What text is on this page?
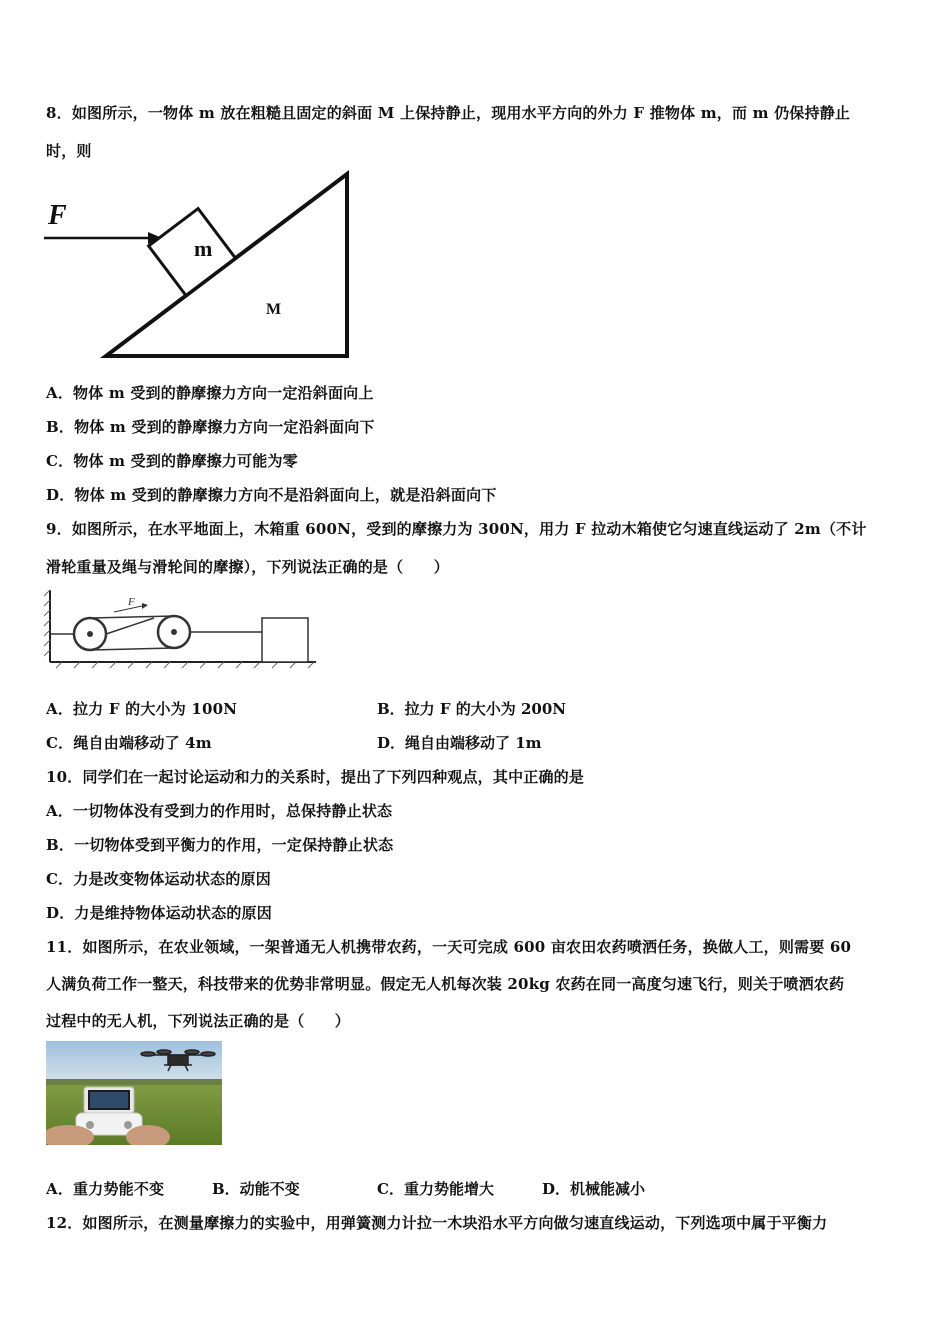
8．如图所示，一物体 m 放在粗糙且固定的斜面 M 上保持静止，现用水平方向的外力 F 推物体 m，而 m 仍保持静止
时，则
F
m
M
A．物体 m 受到的静摩擦力方向一定沿斜面向上
B．物体 m 受到的静摩擦力方向一定沿斜面向下
C．物体 m 受到的静摩擦力可能为零
D．物体 m 受到的静摩擦力方向不是沿斜面向上，就是沿斜面向下
9．如图所示，在水平地面上，木箱重 600N，受到的摩擦力为 300N，用力 F 拉动木箱使它匀速直线运动了 2m（不计
滑轮重量及绳与滑轮间的摩擦），下列说法正确的是（　　）
F
A．拉力 F 的大小为 100N	B．拉力 F 的大小为 200N
C．绳自由端移动了 4m	D．绳自由端移动了 1m
10．同学们在一起讨论运动和力的关系时，提出了下列四种观点，其中正确的是
A．一切物体没有受到力的作用时，总保持静止状态
B．一切物体受到平衡力的作用，一定保持静止状态
C．力是改变物体运动状态的原因
D．力是维持物体运动状态的原因
11．如图所示，在农业领域，一架普通无人机携带农药，一天可完成 600 亩农田农药喷洒任务，换做人工，则需要 60
人满负荷工作一整天，科技带来的优势非常明显。假定无人机每次装 20kg 农药在同一高度匀速飞行，则关于喷洒农药
过程中的无人机，下列说法正确的是（　　）
A．重力势能不变	B．动能不变	C．重力势能增大	D．机械能减小
12．如图所示，在测量摩擦力的实验中，用弹簧测力计拉一木块沿水平方向做匀速直线运动，下列选项中属于平衡力
